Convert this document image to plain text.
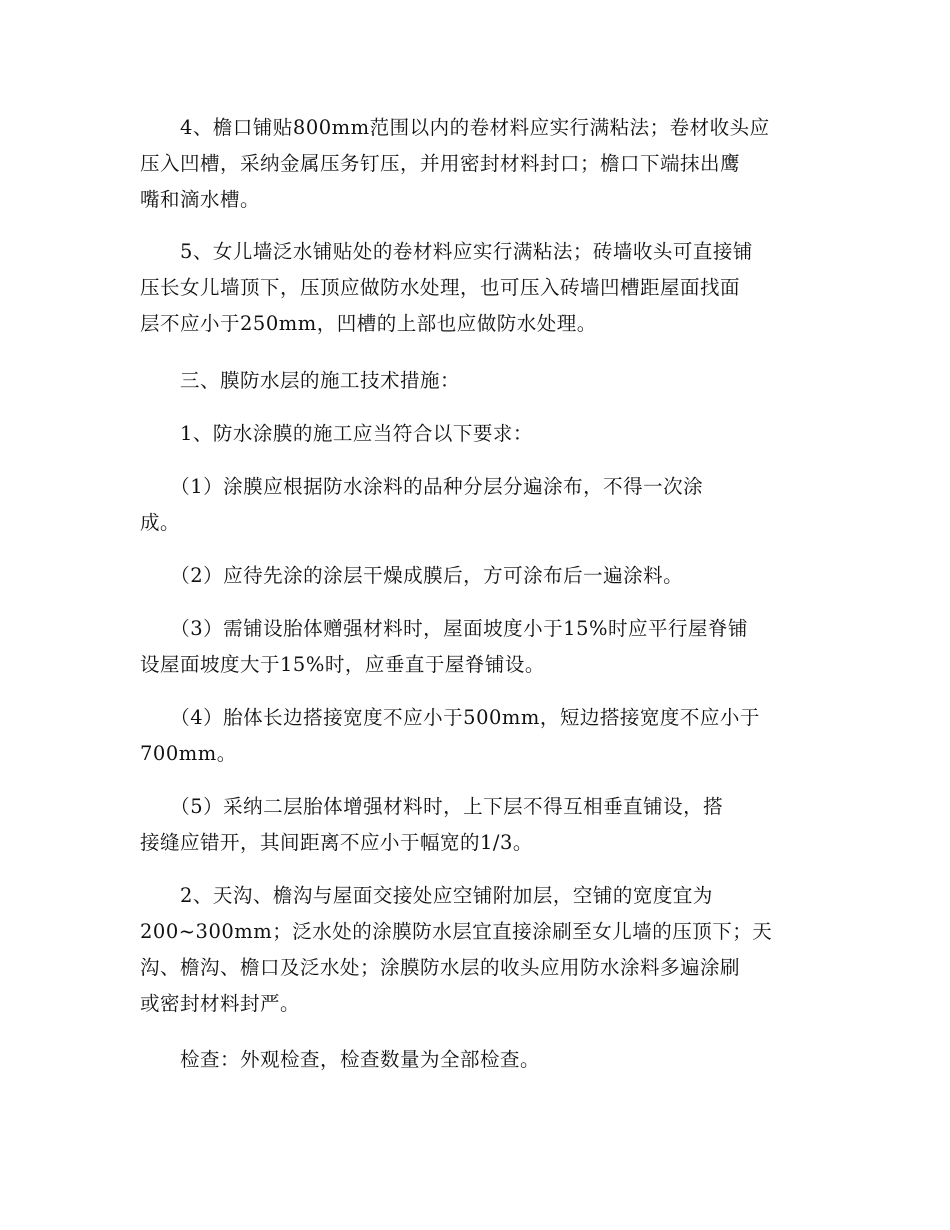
　　4、檐口铺贴800mm范围以内的卷材料应实行满粘法；卷材收头应
压入凹槽，采纳金属压务钉压，并用密封材料封口；檐口下端抹出鹰
嘴和滴水槽。
　　5、女儿墙泛水铺贴处的卷材料应实行满粘法；砖墙收头可直接铺
压长女儿墙顶下，压顶应做防水处理，也可压入砖墙凹槽距屋面找面
层不应小于250mm，凹槽的上部也应做防水处理。
　　三、膜防水层的施工技术措施：
　　1、防水涂膜的施工应当符合以下要求：
　　（1）涂膜应根据防水涂料的品种分层分遍涂布，不得一次涂
成。
　　（2）应待先涂的涂层干燥成膜后，方可涂布后一遍涂料。
　　（3）需铺设胎体赠强材料时，屋面坡度小于15%时应平行屋脊铺
设屋面坡度大于15%时，应垂直于屋脊铺设。
　　（4）胎体长边搭接宽度不应小于500mm，短边搭接宽度不应小于
700mm。
　　（5）采纳二层胎体增强材料时，上下层不得互相垂直铺设，搭
接缝应错开，其间距离不应小于幅宽的1/3。
　　2、天沟、檐沟与屋面交接处应空铺附加层，空铺的宽度宜为
200~300mm；泛水处的涂膜防水层宜直接涂刷至女儿墙的压顶下；天
沟、檐沟、檐口及泛水处；涂膜防水层的收头应用防水涂料多遍涂刷
或密封材料封严。
　　检查：外观检查，检查数量为全部检查。
